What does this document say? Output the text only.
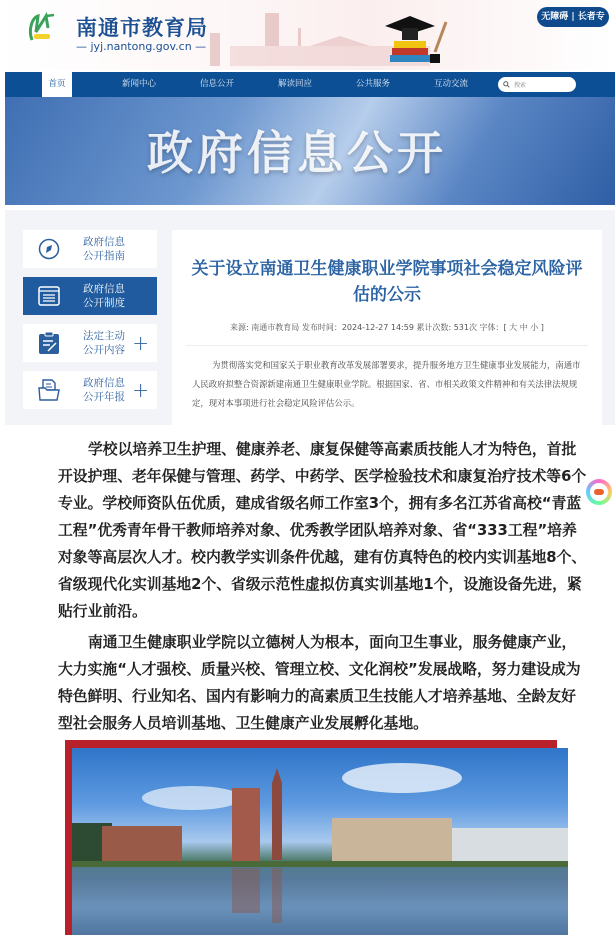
南通市教育局
— jyj.nantong.gov.cn —
无障碍 | 长者专版
首页	新闻中心	信息公开	解读回应	公共服务	互动交流	搜索
政府信息公开
政府信息
公开指南
政府信息
公开制度
法定主动
公开内容 +
政府信息
公开年报 +
关于设立南通卫生健康职业学院事项社会稳定风险评估的公示
来源: 南通市教育局 发布时间：2024-12-27 14:59 累计次数: 531次 字体：[ 大 中 小 ]
为贯彻落实党和国家关于职业教育改革发展部署要求，提升服务地方卫生健康事业发展能力，南通市人民政府拟整合资源新建南通卫生健康职业学院。根据国家、省、市相关政策文件精神和有关法律法规规定，现对本事项进行社会稳定风险评估公示。

学校以培养卫生护理、健康养老、康复保健等高素质技能人才为特色，首批开设护理、老年保健与管理、药学、中药学、医学检验技术和康复治疗技术等6个专业。学校师资队伍优质，建成省级名师工作室3个，拥有多名江苏省高校“青蓝工程”优秀青年骨干教师培养对象、优秀教学团队培养对象、省“333工程”培养对象等高层次人才。校内教学实训条件优越，建有仿真特色的校内实训基地8个、省级现代化实训基地2个、省级示范性虚拟仿真实训基地1个，设施设备先进，紧贴行业前沿。

南通卫生健康职业学院以立德树人为根本，面向卫生事业，服务健康产业，大力实施“人才强校、质量兴校、管理立校、文化润校”发展战略，努力建设成为特色鲜明、行业知名、国内有影响力的高素质卫生技能人才培养基地、全龄友好型社会服务人员培训基地、卫生健康产业发展孵化基地。
